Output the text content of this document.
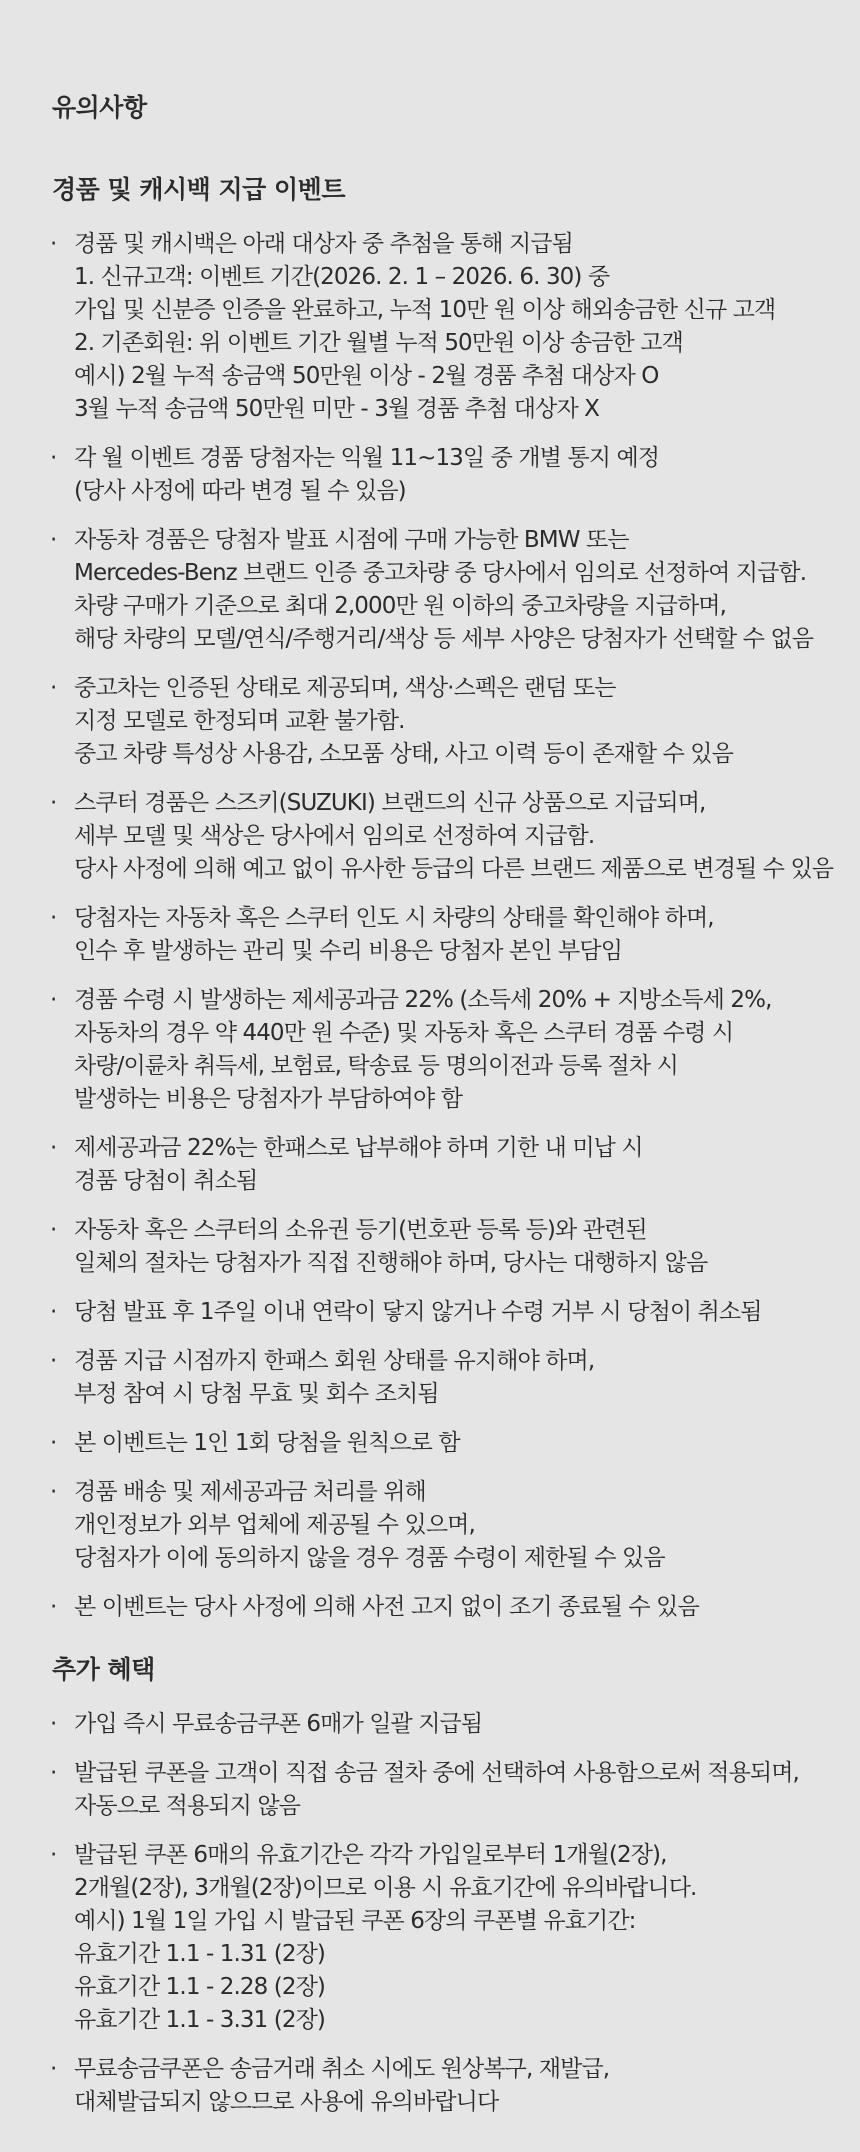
유의사항
경품 및 캐시백 지급 이벤트
· 경품 및 캐시백은 아래 대상자 중 추첨을 통해 지급됨
1. 신규고객: 이벤트 기간(2026. 2. 1 – 2026. 6. 30) 중
가입 및 신분증 인증을 완료하고, 누적 10만 원 이상 해외송금한 신규 고객
2. 기존회원: 위 이벤트 기간 월별 누적 50만원 이상 송금한 고객
예시) 2월 누적 송금액 50만원 이상 - 2월 경품 추첨 대상자 O
3월 누적 송금액 50만원 미만 - 3월 경품 추첨 대상자 X
· 각 월 이벤트 경품 당첨자는 익월 11~13일 중 개별 통지 예정
(당사 사정에 따라 변경 될 수 있음)
· 자동차 경품은 당첨자 발표 시점에 구매 가능한 BMW 또는
Mercedes-Benz 브랜드 인증 중고차량 중 당사에서 임의로 선정하여 지급함.
차량 구매가 기준으로 최대 2,000만 원 이하의 중고차량을 지급하며,
해당 차량의 모델/연식/주행거리/색상 등 세부 사양은 당첨자가 선택할 수 없음
· 중고차는 인증된 상태로 제공되며, 색상·스펙은 랜덤 또는
지정 모델로 한정되며 교환 불가함.
중고 차량 특성상 사용감, 소모품 상태, 사고 이력 등이 존재할 수 있음
· 스쿠터 경품은 스즈키(SUZUKI) 브랜드의 신규 상품으로 지급되며,
세부 모델 및 색상은 당사에서 임의로 선정하여 지급함.
당사 사정에 의해 예고 없이 유사한 등급의 다른 브랜드 제품으로 변경될 수 있음
· 당첨자는 자동차 혹은 스쿠터 인도 시 차량의 상태를 확인해야 하며,
인수 후 발생하는 관리 및 수리 비용은 당첨자 본인 부담임
· 경품 수령 시 발생하는 제세공과금 22% (소득세 20% + 지방소득세 2%,
자동차의 경우 약 440만 원 수준) 및 자동차 혹은 스쿠터 경품 수령 시
차량/이륜차 취득세, 보험료, 탁송료 등 명의이전과 등록 절차 시
발생하는 비용은 당첨자가 부담하여야 함
· 제세공과금 22%는 한패스로 납부해야 하며 기한 내 미납 시
경품 당첨이 취소됨
· 자동차 혹은 스쿠터의 소유권 등기(번호판 등록 등)와 관련된
일체의 절차는 당첨자가 직접 진행해야 하며, 당사는 대행하지 않음
· 당첨 발표 후 1주일 이내 연락이 닿지 않거나 수령 거부 시 당첨이 취소됨
· 경품 지급 시점까지 한패스 회원 상태를 유지해야 하며,
부정 참여 시 당첨 무효 및 회수 조치됨
· 본 이벤트는 1인 1회 당첨을 원칙으로 함
· 경품 배송 및 제세공과금 처리를 위해
개인정보가 외부 업체에 제공될 수 있으며,
당첨자가 이에 동의하지 않을 경우 경품 수령이 제한될 수 있음
· 본 이벤트는 당사 사정에 의해 사전 고지 없이 조기 종료될 수 있음
추가 혜택
· 가입 즉시 무료송금쿠폰 6매가 일괄 지급됨
· 발급된 쿠폰을 고객이 직접 송금 절차 중에 선택하여 사용함으로써 적용되며,
자동으로 적용되지 않음
· 발급된 쿠폰 6매의 유효기간은 각각 가입일로부터 1개월(2장),
2개월(2장), 3개월(2장)이므로 이용 시 유효기간에 유의바랍니다.
예시) 1월 1일 가입 시 발급된 쿠폰 6장의 쿠폰별 유효기간:
유효기간 1.1 - 1.31 (2장)
유효기간 1.1 - 2.28 (2장)
유효기간 1.1 - 3.31 (2장)
· 무료송금쿠폰은 송금거래 취소 시에도 원상복구, 재발급,
대체발급되지 않으므로 사용에 유의바랍니다
